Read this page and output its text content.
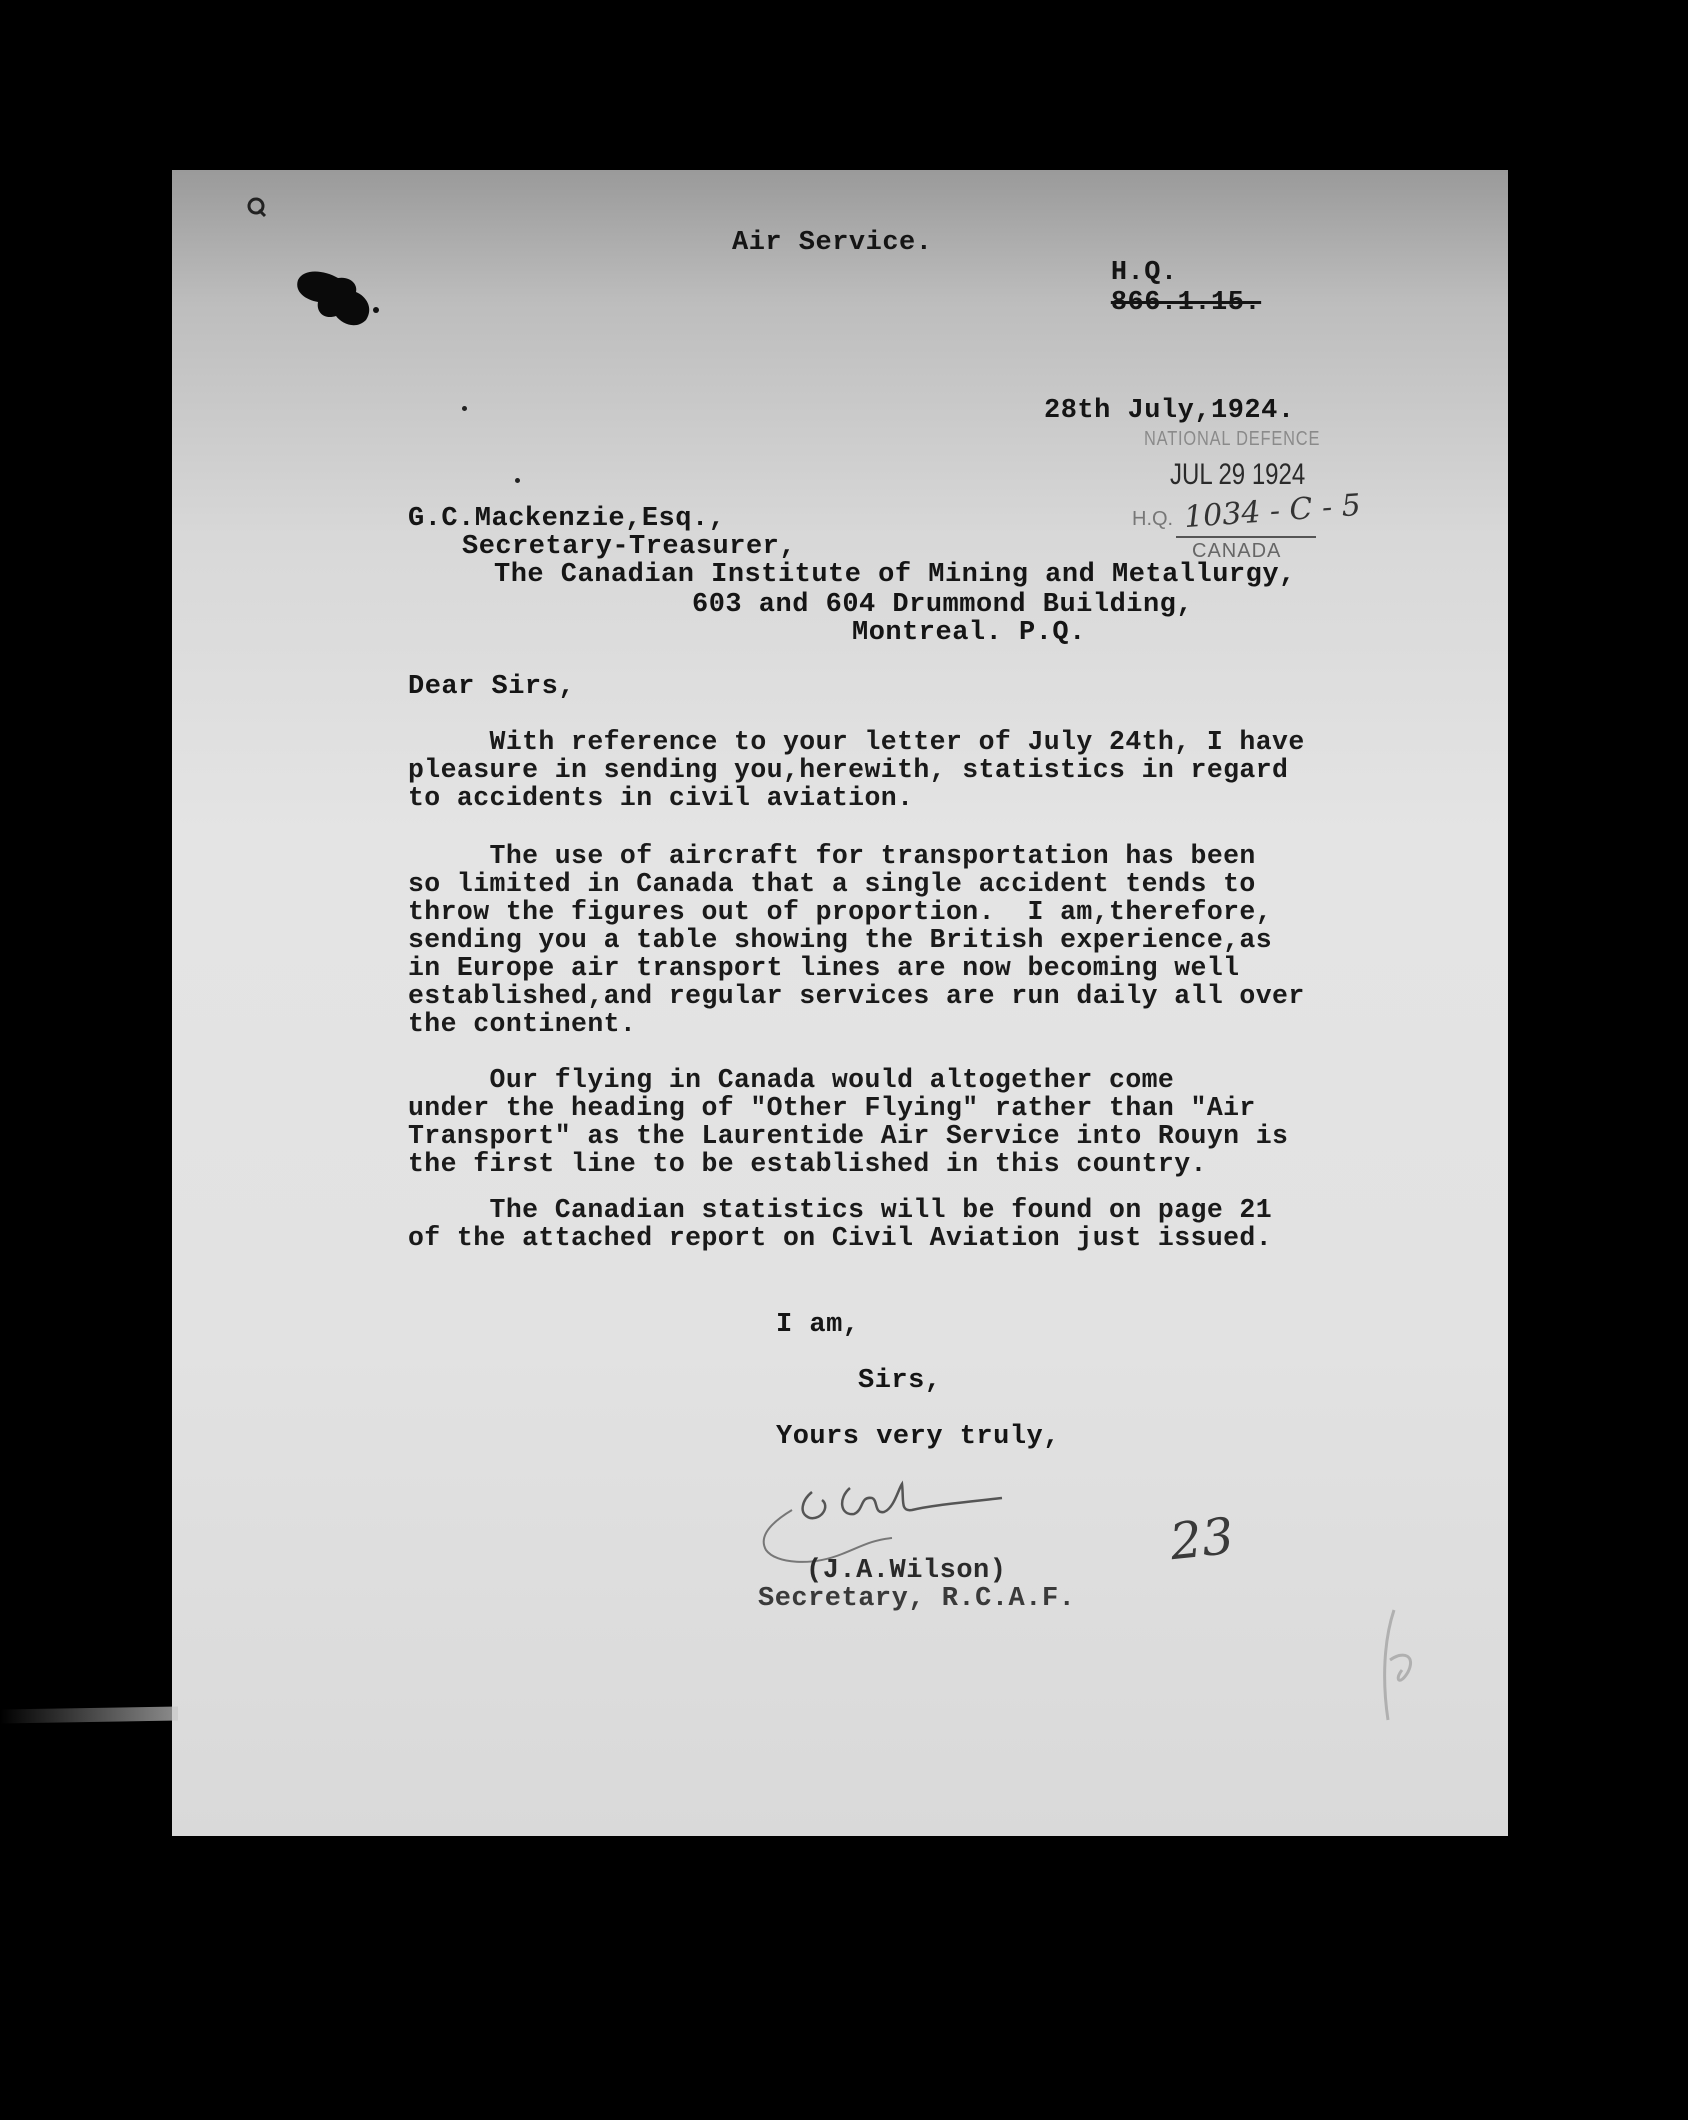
Air Service.

H.Q.
866.1.15.

28th July,1924.
NATIONAL DEFENCE
JUL 29 1924
H.Q. 1034 - C - 5
CANADA
G.C.Mackenzie,Esq.,
Secretary-Treasurer,
The Canadian Institute of Mining and Metallurgy,
603 and 604 Drummond Building,
Montreal. P.Q.
Dear Sirs,

With reference to your letter of July 24th, I have

pleasure in sending you,herewith, statistics in regard

to accidents in civil aviation.

The use of aircraft for transportation has been

so limited in Canada that a single accident tends to

throw the figures out of proportion.  I am,therefore,

sending you a table showing the British experience,as

in Europe air transport lines are now becoming well

established,and regular services are run daily all over

the continent.

Our flying in Canada would altogether come

under the heading of "Other Flying" rather than "Air

Transport" as the Laurentide Air Service into Rouyn is

the first line to be established in this country.

The Canadian statistics will be found on page 21

of the attached report on Civil Aviation just issued.

I am,
Sirs,
Yours very truly,
(J.A.Wilson)
Secretary, R.C.A.F.
23
